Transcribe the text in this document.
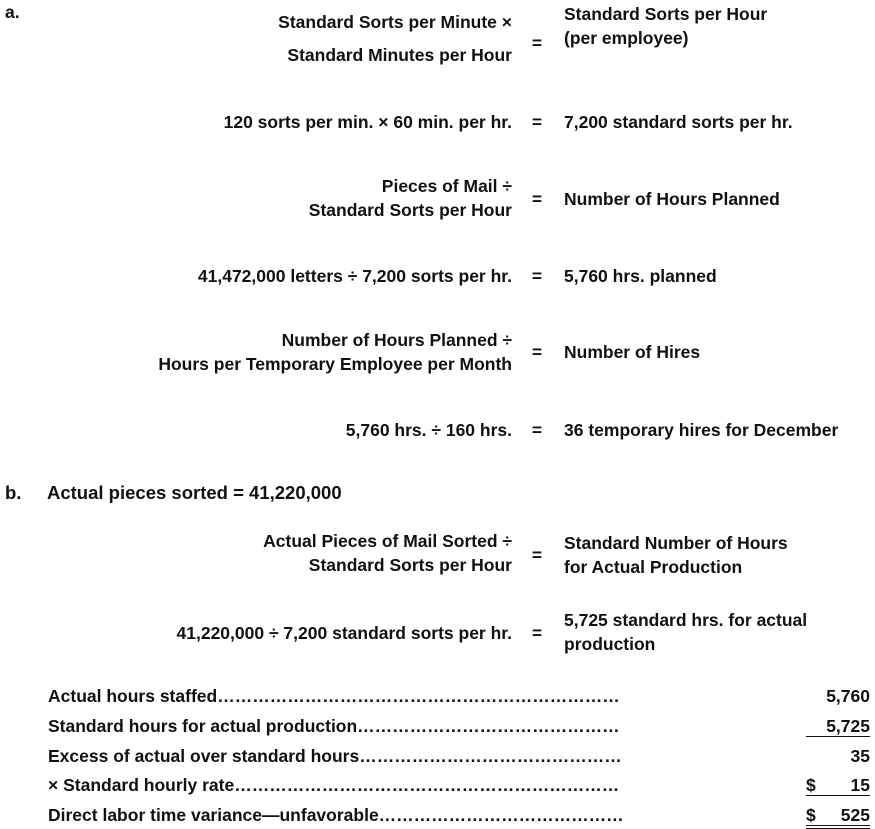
a.	Standard Sorts per Minute ×
Standard Minutes per Hour
=
Standard Sorts per Hour
(per employee)
120 sorts per min. × 60 min. per hr. = 7,200 standard sorts per hr.
Pieces of Mail ÷
Standard Sorts per Hour
= Number of Hours Planned
41,472,000 letters ÷ 7,200 sorts per hr. = 5,760 hrs. planned
Number of Hours Planned ÷
Hours per Temporary Employee per Month
= Number of Hires
5,760 hrs. ÷ 160 hrs. = 36 temporary hires for December
b. Actual pieces sorted = 41,220,000
Actual Pieces of Mail Sorted ÷
Standard Sorts per Hour =
Standard Number of Hours
for Actual Production
41,220,000 ÷ 7,200 standard sorts per hr. =
5,725 standard hrs. for actual
production
Actual hours staffed……………………………………………………………	5,760
Standard hours for actual production………………………………………	5,725
Excess of actual over standard hours………………………………………	35
× Standard hourly rate…………………………………………………………	$	15
Direct labor time variance—unfavorable……………………………………	$	525
